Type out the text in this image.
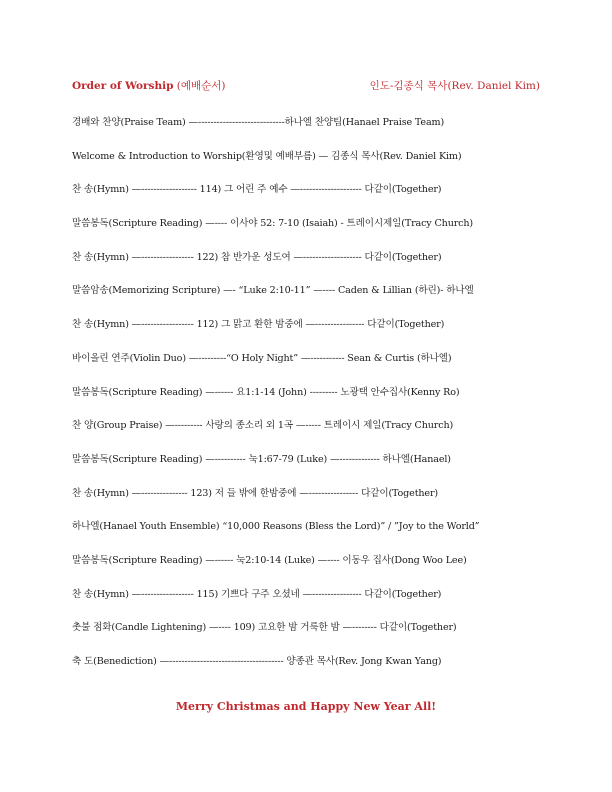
Order of Worship (예배순서)	인도-김종식 목사(Rev. Daniel Kim)
경배와 찬양(Praise Team) —----------------------------하나엘 찬양팀(Hanael Praise Team)
Welcome & Introduction to Worship(환영및 예배부름) — 김종식 목사(Rev. Daniel Kim)
찬 송(Hymn) —------------------ 114) 그 어린 주 예수 —-------------------- 다같이(Together)
말씀봉독(Scripture Reading) —---- 이사야 52: 7-10 (Isaiah) - 트레이시제일(Tracy Church)
찬 송(Hymn) —----------------- 122) 참 반가운 성도여 —------------------- 다같이(Together)
말씀암송(Memorizing Scripture) —- “Luke 2:10-11” —---- Caden & Lillian (하린)- 하나엘
찬 송(Hymn) —----------------- 112) 그 맑고 환한 밤중에 —---------------- 다같이(Together)
바이올린 연주(Violin Duo) —---------“O Holy Night” —----------- Sean & Curtis (하나엘)
말씀봉독(Scripture Reading) —------ 요1:1-14 (John) --------- 노광택 안수집사(Kenny Ro)
찬 양(Group Praise) —--------- 사랑의 종소리 외 1곡 —----- 트레이시 제일(Tracy Church)
말씀봉독(Scripture Reading) —---------- 눅1:67-79 (Luke) —------------- 하나엘(Hanael)
찬 송(Hymn) —--------------- 123) 저 들 밖에 한밤중에 —---------------- 다같이(Together)
하나엘(Hanael Youth Ensemble) “10,000 Reasons (Bless the Lord)” / ”Joy to the World”
말씀봉독(Scripture Reading) —------ 눅2:10-14 (Luke) —---- 이동우 집사(Dong Woo Lee)
찬 송(Hymn) —----------------- 115) 기쁘다 구주 오셨네 —---------------- 다같이(Together)
촛불 점화(Candle Lightening) —---- 109) 고요한 밤 거룩한 밤 —-------- 다같이(Together)
축 도(Benediction) —------------------------------------- 양종관 목사(Rev. Jong Kwan Yang)
Merry Christmas and Happy New Year All!
